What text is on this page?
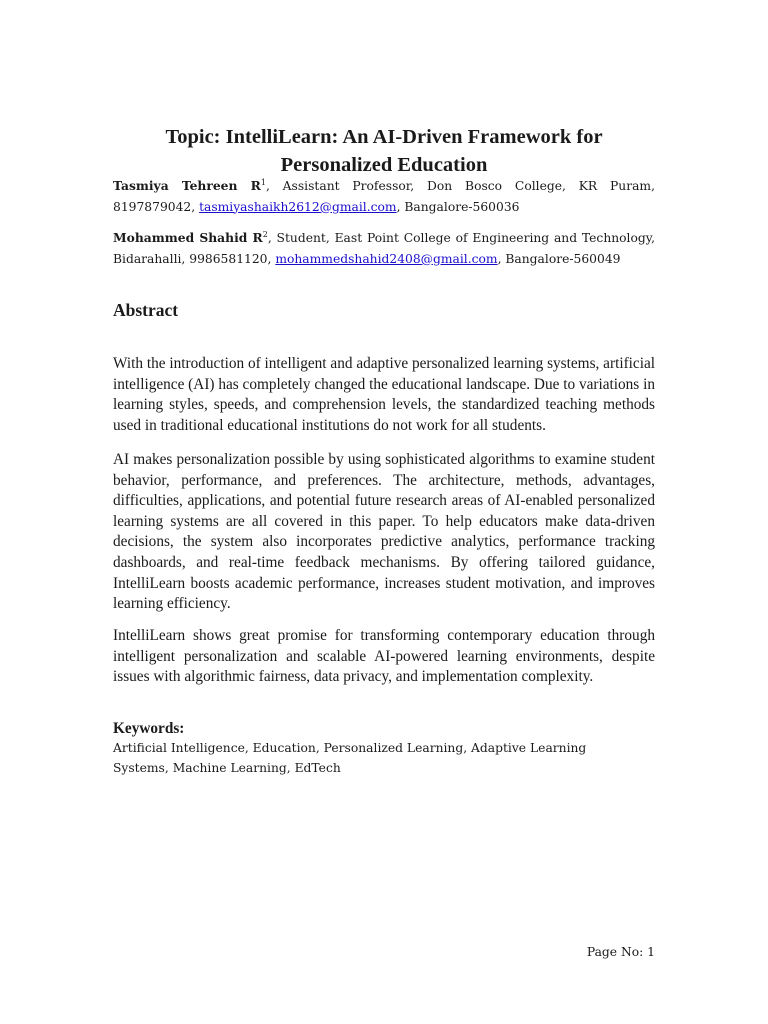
Topic: IntelliLearn: An AI-Driven Framework for Personalized Education

Tasmiya Tehreen $R^1$, Assistant Professor, Don Bosco College, KR Puram, 8197879042, tasmiyashaikh2612@gmail.com, Bangalore-560036

Mohammed Shahid $R^2$, Student, East Point College of Engineering and Technology, Bidarahalli, 9986581120, mohammedshahid2408@gmail.com, Bangalore-560049

Abstract

With the introduction of intelligent and adaptive personalized learning systems, artificial intelligence (AI) has completely changed the educational landscape. Due to variations in learning styles, speeds, and comprehension levels, the standardized teaching methods used in traditional educational institutions do not work for all students.

AI makes personalization possible by using sophisticated algorithms to examine student behavior, performance, and preferences. The architecture, methods, advantages, difficulties, applications, and potential future research areas of AI-enabled personalized learning systems are all covered in this paper. To help educators make data-driven decisions, the system also incorporates predictive analytics, performance tracking dashboards, and real-time feedback mechanisms. By offering tailored guidance, IntelliLearn boosts academic performance, increases student motivation, and improves learning efficiency.

IntelliLearn shows great promise for transforming contemporary education through intelligent personalization and scalable AI-powered learning environments, despite issues with algorithmic fairness, data privacy, and implementation complexity.

Keywords:

Artificial Intelligence, Education, Personalized Learning, Adaptive Learning Systems, Machine Learning, EdTech

Page No: 1
